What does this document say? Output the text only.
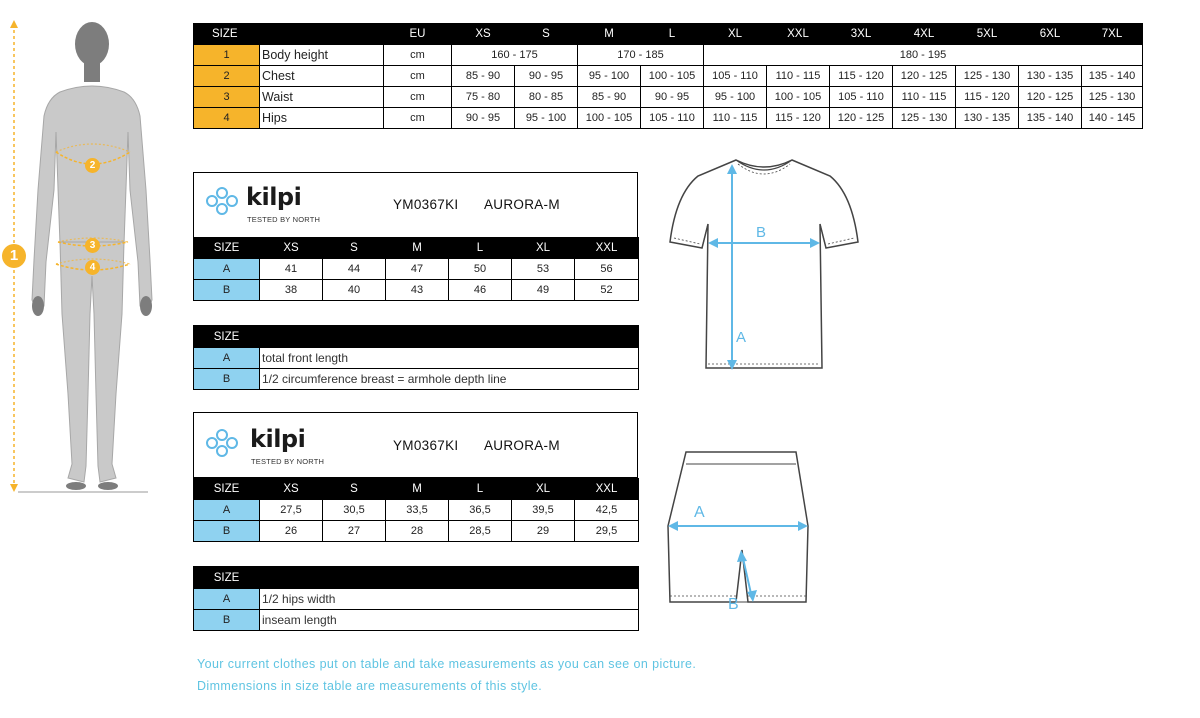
1
2
3
4
SIZE		EU	XS	S	M	L	XL	XXL	3XL	4XL	5XL	6XL	7XL
1	Body height	cm	160 - 175		170 - 185		180 - 195						
2	Chest	cm	85 - 90	90 - 95	95 - 100	100 - 105	105 - 110	110 - 115	115 - 120	120 - 125	125 - 130	130 - 135	135 - 140
3	Waist	cm	75 - 80	80 - 85	85 - 90	90 - 95	95 - 100	100 - 105	105 - 110	110 - 115	115 - 120	120 - 125	125 - 130
4	Hips	cm	90 - 95	95 - 100	100 - 105	105 - 110	110 - 115	115 - 120	120 - 125	125 - 130	130 - 135	135 - 140	140 - 145
kilpi
TESTED BY NORTH
YM0367KI AURORA-M
SIZE	XS	S	M	L	XL	XXL
A	41	44	47	50	53	56
B	38	40	43	46	49	52
SIZE	
A	total front length
B	1/2 circumference breast = armhole depth line
kilpi
TESTED BY NORTH
YM0367KI AURORA-M
SIZE	XS	S	M	L	XL	XXL
A	27,5	30,5	33,5	36,5	39,5	42,5
B	26	27	28	28,5	29	29,5
SIZE	
A	1/2 hips width
B	inseam length
B
A
A
B
Your current clothes put on table and take measurements as you can see on picture.
Dimmensions in size table are measurements of this style.
